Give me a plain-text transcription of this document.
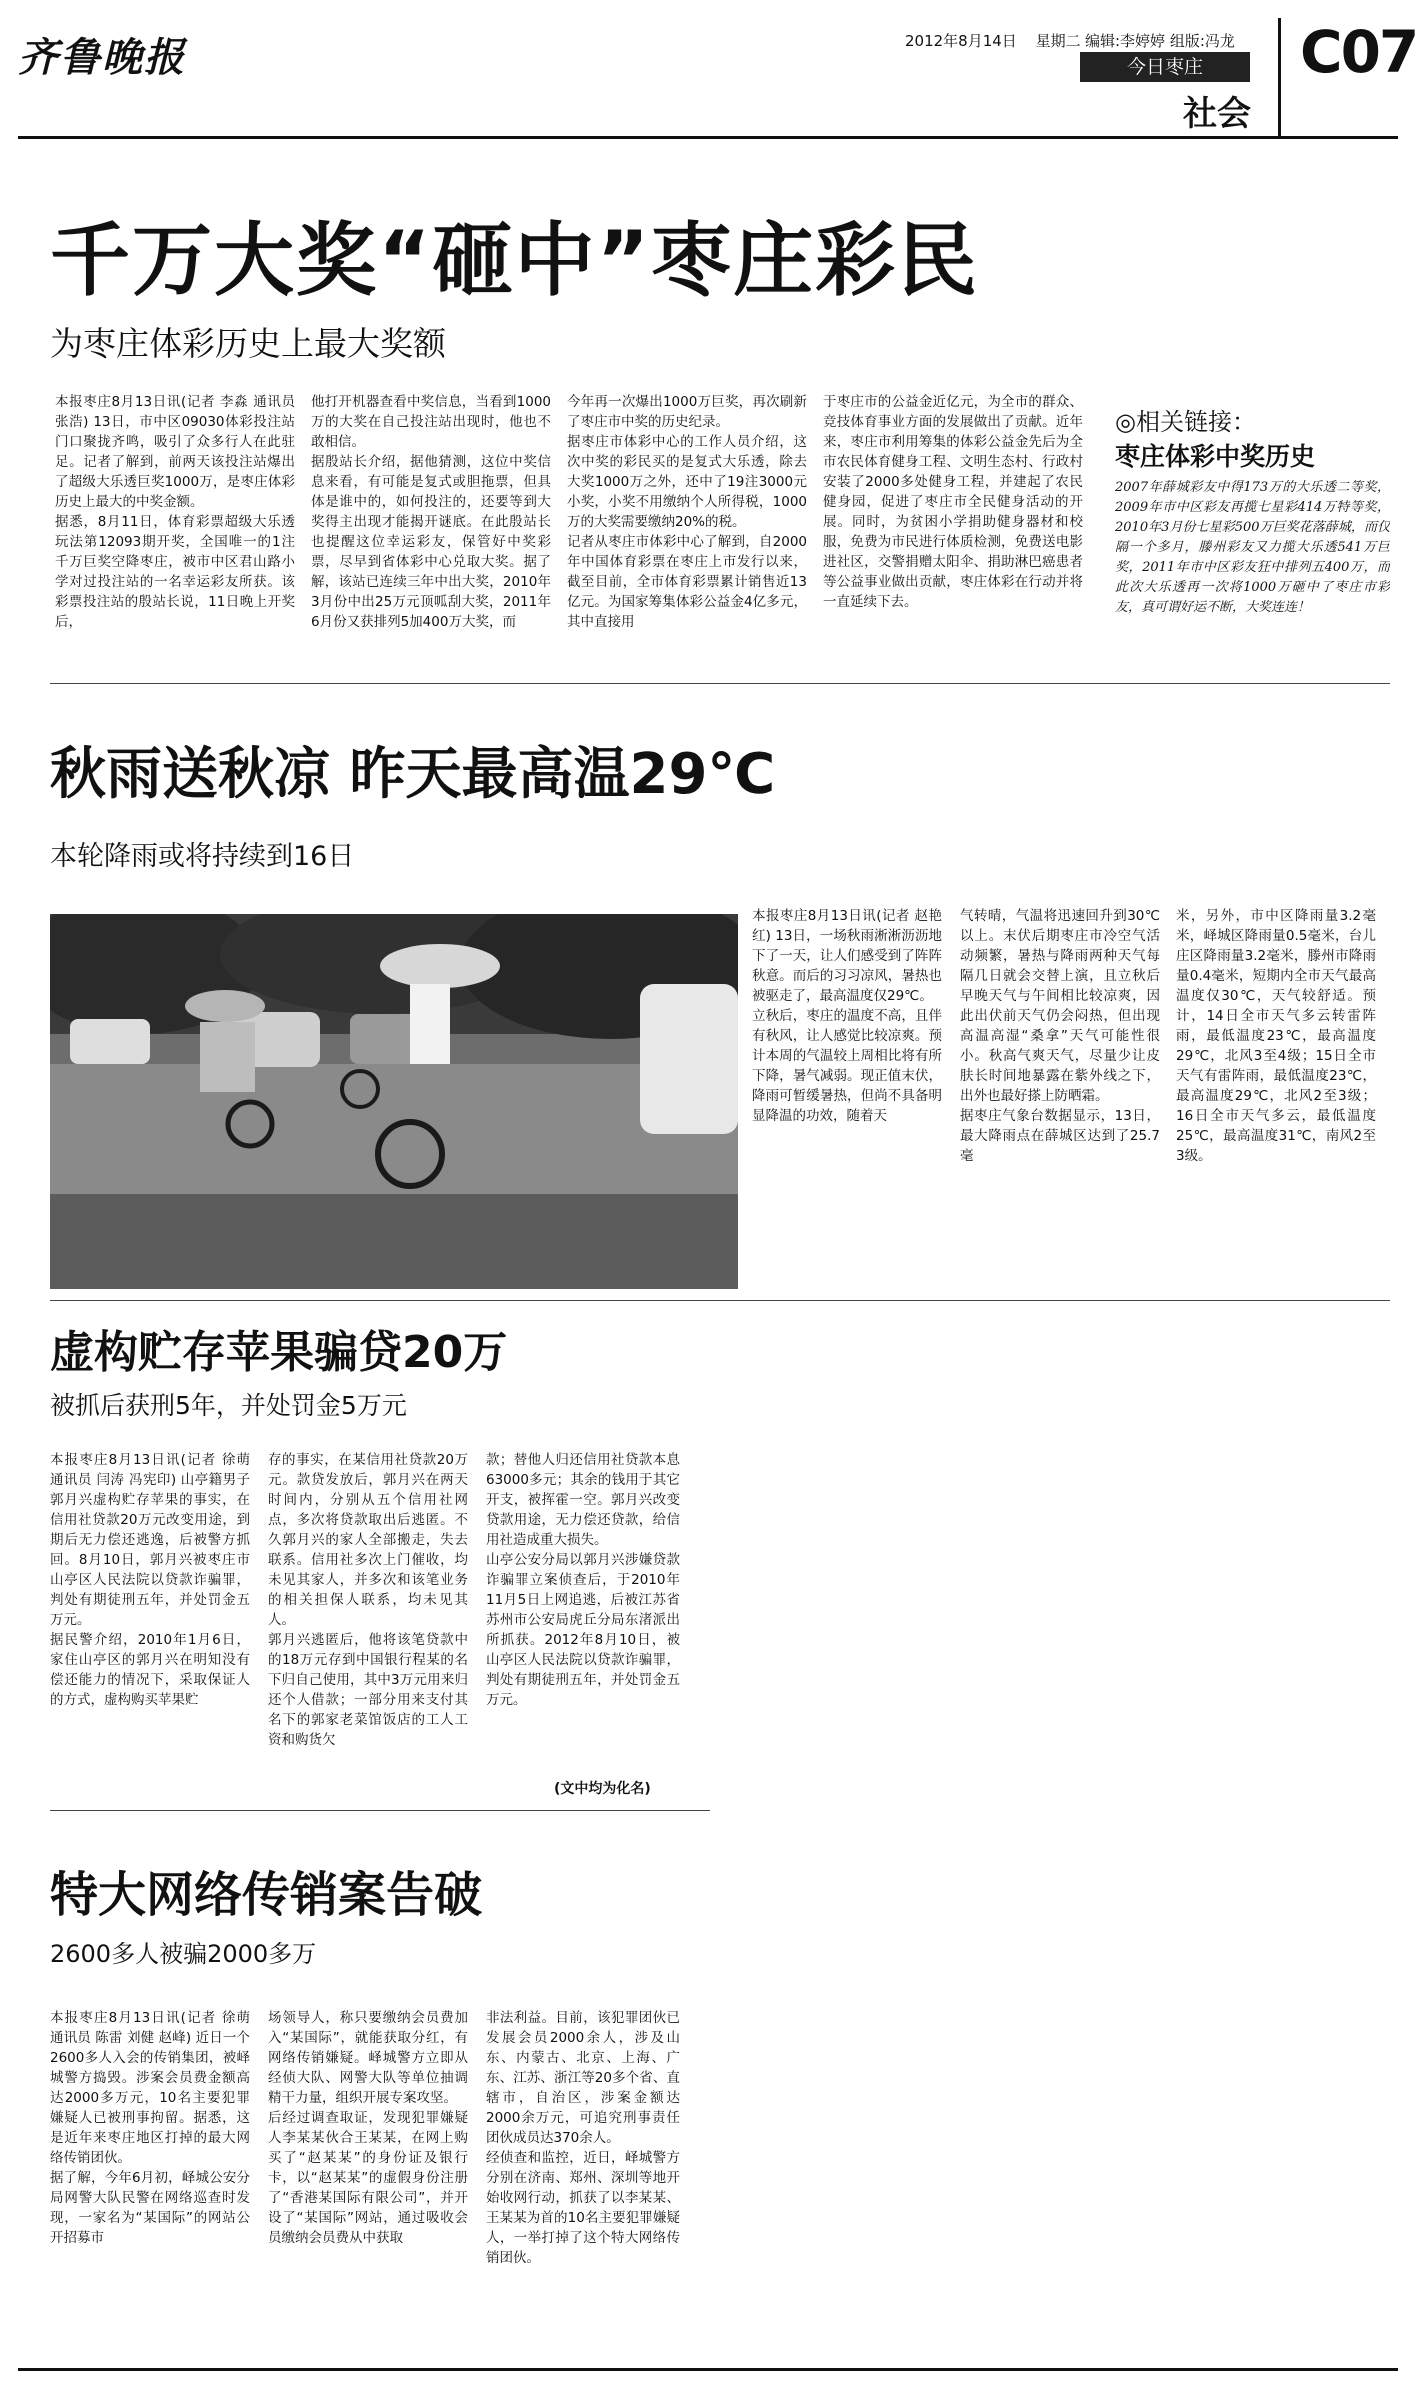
齐鲁晚报	2012年8月14日 星期二 编辑:李婷婷 组版:冯龙
今日枣庄
社会
C07
千万大奖“砸中”枣庄彩民
为枣庄体彩历史上最大奖额

本报枣庄8月13日讯(记者 李淼 通讯员 张浩) 13日，市中区09030体彩投注站门口聚拢齐鸣，吸引了众多行人在此驻足。记者了解到，前两天该投注站爆出了超级大乐透巨奖1000万，是枣庄体彩历史上最大的中奖金额。
据悉，8月11日，体育彩票超级大乐透玩法第12093期开奖，全国唯一的1注千万巨奖空降枣庄，被市中区君山路小学对过投注站的一名幸运彩友所获。该彩票投注站的殷站长说，11日晚上开奖后，

他打开机器查看中奖信息，当看到1000万的大奖在自己投注站出现时，他也不敢相信。
据殷站长介绍，据他猜测，这位中奖信息来看，有可能是复式或胆拖票，但具体是谁中的，如何投注的，还要等到大奖得主出现才能揭开谜底。在此殷站长也提醒这位幸运彩友，保管好中奖彩票，尽早到省体彩中心兑取大奖。据了解，该站已连续三年中出大奖，2010年3月份中出25万元顶呱刮大奖，2011年6月份又获排列5加400万大奖，而

今年再一次爆出1000万巨奖，再次刷新了枣庄市中奖的历史纪录。
据枣庄市体彩中心的工作人员介绍，这次中奖的彩民买的是复式大乐透，除去大奖1000万之外，还中了19注3000元小奖，小奖不用缴纳个人所得税，1000万的大奖需要缴纳20%的税。
记者从枣庄市体彩中心了解到，自2000年中国体育彩票在枣庄上市发行以来，截至目前，全市体育彩票累计销售近13亿元。为国家筹集体彩公益金4亿多元，其中直接用

于枣庄市的公益金近亿元，为全市的群众、竞技体育事业方面的发展做出了贡献。近年来，枣庄市利用筹集的体彩公益金先后为全市农民体育健身工程、文明生态村、行政村安装了2000多处健身工程，并建起了农民健身园，促进了枣庄市全民健身活动的开展。同时，为贫困小学捐助健身器材和校服，免费为市民进行体质检测，免费送电影进社区，交警捐赠太阳伞、捐助淋巴癌患者等公益事业做出贡献，枣庄体彩在行动并将一直延续下去。

◎相关链接：
枣庄体彩中奖历史

2007年薛城彩友中得173万的大乐透二等奖，2009年市中区彩友再揽七星彩414万特等奖，2010年3月份七星彩500万巨奖花落薛城，而仅隔一个多月，滕州彩友又力揽大乐透541万巨奖，2011年市中区彩友狂中排列五400万，而此次大乐透再一次将1000万砸中了枣庄市彩友，真可谓好运不断，大奖连连！

秋雨送秋凉 昨天最高温29℃
本轮降雨或将持续到16日

本报枣庄8月13日讯(记者 赵艳红) 13日，一场秋雨淅淅沥沥地下了一天，让人们感受到了阵阵秋意。而后的习习凉风，暑热也被驱走了，最高温度仅29℃。
立秋后，枣庄的温度不高，且伴有秋风，让人感觉比较凉爽。预计本周的气温较上周相比将有所下降，暑气减弱。现正值末伏，降雨可暂缓暑热，但尚不具备明显降温的功效，随着天

气转晴，气温将迅速回升到30℃以上。末伏后期枣庄市冷空气活动频繁，暑热与降雨两种天气每隔几日就会交替上演，且立秋后早晚天气与午间相比较凉爽，因此出伏前天气仍会闷热，但出现高温高湿“桑拿”天气可能性很小。秋高气爽天气，尽量少让皮肤长时间地暴露在紫外线之下，出外也最好搽上防晒霜。
据枣庄气象台数据显示，13日，最大降雨点在薛城区达到了25.7毫

米，另外，市中区降雨量3.2毫米，峄城区降雨量0.5毫米，台儿庄区降雨量3.2毫米，滕州市降雨量0.4毫米，短期内全市天气最高温度仅30℃，天气较舒适。预计，14日全市天气多云转雷阵雨，最低温度23℃，最高温度29℃，北风3至4级；15日全市天气有雷阵雨，最低温度23℃，最高温度29℃，北风2至3级；16日全市天气多云，最低温度25℃，最高温度31℃，南风2至3级。

虚构贮存苹果骗贷20万
被抓后获刑5年，并处罚金5万元

本报枣庄8月13日讯(记者 徐萌 通讯员 闫涛 冯宪印) 山亭籍男子郭月兴虚构贮存苹果的事实，在信用社贷款20万元改变用途，到期后无力偿还逃逸，后被警方抓回。8月10日，郭月兴被枣庄市山亭区人民法院以贷款诈骗罪，判处有期徒刑五年，并处罚金五万元。
据民警介绍，2010年1月6日，家住山亭区的郭月兴在明知没有偿还能力的情况下，采取保证人的方式，虚构购买苹果贮

存的事实，在某信用社贷款20万元。款贷发放后，郭月兴在两天时间内，分别从五个信用社网点，多次将贷款取出后逃匿。不久郭月兴的家人全部搬走，失去联系。信用社多次上门催收，均未见其家人，并多次和该笔业务的相关担保人联系，均未见其人。
郭月兴逃匿后，他将该笔贷款中的18万元存到中国银行程某的名下归自己使用，其中3万元用来归还个人借款；一部分用来支付其名下的郭家老菜馆饭店的工人工资和购货欠

款；替他人归还信用社贷款本息63000多元；其余的钱用于其它开支，被挥霍一空。郭月兴改变贷款用途，无力偿还贷款，给信用社造成重大损失。
山亭公安分局以郭月兴涉嫌贷款诈骗罪立案侦查后，于2010年11月5日上网追逃，后被江苏省苏州市公安局虎丘分局东渚派出所抓获。2012年8月10日，被山亭区人民法院以贷款诈骗罪，判处有期徒刑五年，并处罚金五万元。

(文中均为化名)
特大网络传销案告破
2600多人被骗2000多万

本报枣庄8月13日讯(记者 徐萌 通讯员 陈雷 刘健 赵峰) 近日一个2600多人入会的传销集团，被峄城警方捣毁。涉案会员费金额高达2000多万元，10名主要犯罪嫌疑人已被刑事拘留。据悉，这是近年来枣庄地区打掉的最大网络传销团伙。
据了解，今年6月初，峄城公安分局网警大队民警在网络巡查时发现，一家名为“某国际”的网站公开招募市

场领导人，称只要缴纳会员费加入“某国际”，就能获取分红，有网络传销嫌疑。峄城警方立即从经侦大队、网警大队等单位抽调精干力量，组织开展专案攻坚。
后经过调查取证，发现犯罪嫌疑人李某某伙合王某某，在网上购买了“赵某某”的身份证及银行卡，以“赵某某”的虚假身份注册了“香港某国际有限公司”，并开设了“某国际”网站，通过吸收会员缴纳会员费从中获取

非法利益。目前，该犯罪团伙已发展会员2000余人，涉及山东、内蒙古、北京、上海、广东、江苏、浙江等20多个省、直辖市，自治区，涉案金额达2000余万元，可追究刑事责任团伙成员达370余人。
经侦查和监控，近日，峄城警方分别在济南、郑州、深圳等地开始收网行动，抓获了以李某某、王某某为首的10名主要犯罪嫌疑人，一举打掉了这个特大网络传销团伙。
